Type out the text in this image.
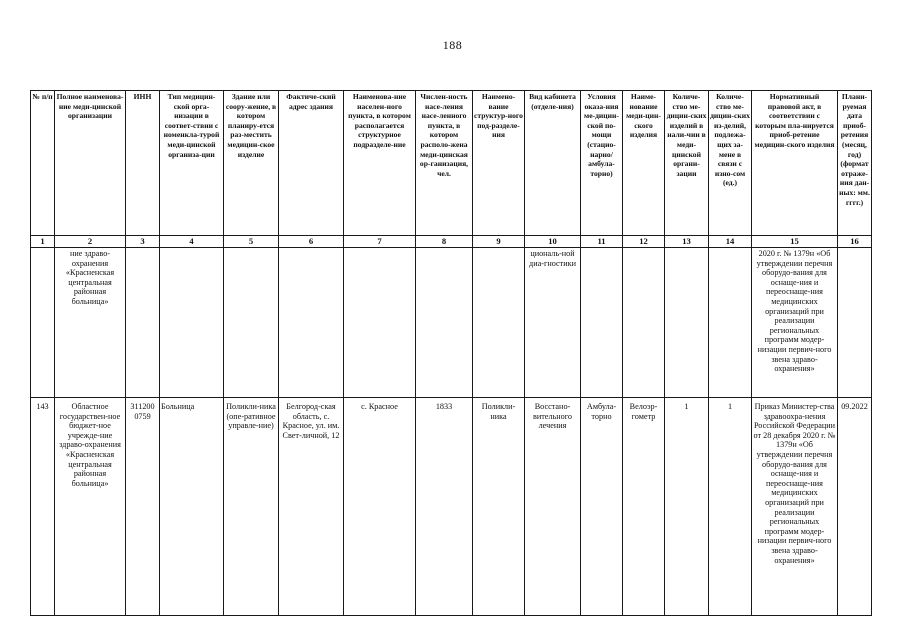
188
№ п/п	Полное наименова-ние меди-цинской организации	ИНН	Тип медицин-ской орга-низации в соответ-ствии с номенкла-турой меди-цинской организа-ции	Здание или соору-жение, в котором планиру-ется раз-местить медицин-ское изделие	Фактиче-ский адрес здания	Наименова-ние населен-ного пункта, в котором располагается структурное подразделе-ние	Числен-ность насе-ления насе-ленного пункта, в котором располо-жена меди-цинская ор-ганизация, чел.	Наимено-вание структур-ного под-разделе-ния	Вид кабинета (отделе-ния)	Условия оказа-ния ме-дицин-ской по-мощи (стацио-нарно/ амбула-торно)	Наиме-нование меди-цин-ского изделия	Количе-ство ме-дицин-ских изделий в нали-чии в меди-цинской органи-зации	Количе-ство ме-дицин-ских из-делий, подлежа-щих за-мене в связи с изно-сом (ед.)	Нормативный правовой акт, в соответствии с которым пла-нируется приоб-ретение медицин-ского изделия	Плани-руемая дата приоб-ретения (месяц, год) (формат отраже-ния дан-ных: мм. гггг.)
1	2	3	4	5	6	7	8	9	10	11	12	13	14	15	16
	ние здраво-охранения «Красненская центральная районная больница»								циональ-ной диа-гностики					2020 г. № 1379н «Об утверждении перечня оборудо-вания для оснаще-ния и переоснаще-ния медицинских организаций при реализации региональных программ модер-низации первич-ного звена здраво-охранения»	
143	Областное государствен-ное бюджет-ное учрежде-ние здраво-охранения «Красненская центральная районная больница»	311200 0759	Больница	Поликли-ника (опе-ративное управле-ние)	Белгород-ская область, с. Красное, ул. им. Свет-личной, 12	с. Красное	1833	Поликли-ника	Восстано-вительного лечения	Амбула-торно	Велоэр-гометр	1	1	Приказ Министер-ства здравоохра-нения Российской Федерации от 28 декабря 2020 г. № 1379н «Об утверждении перечня оборудо-вания для оснаще-ния и переоснаще-ния медицинских организаций при реализации региональных программ модер-низации первич-ного звена здраво-охранения»	09.2022
